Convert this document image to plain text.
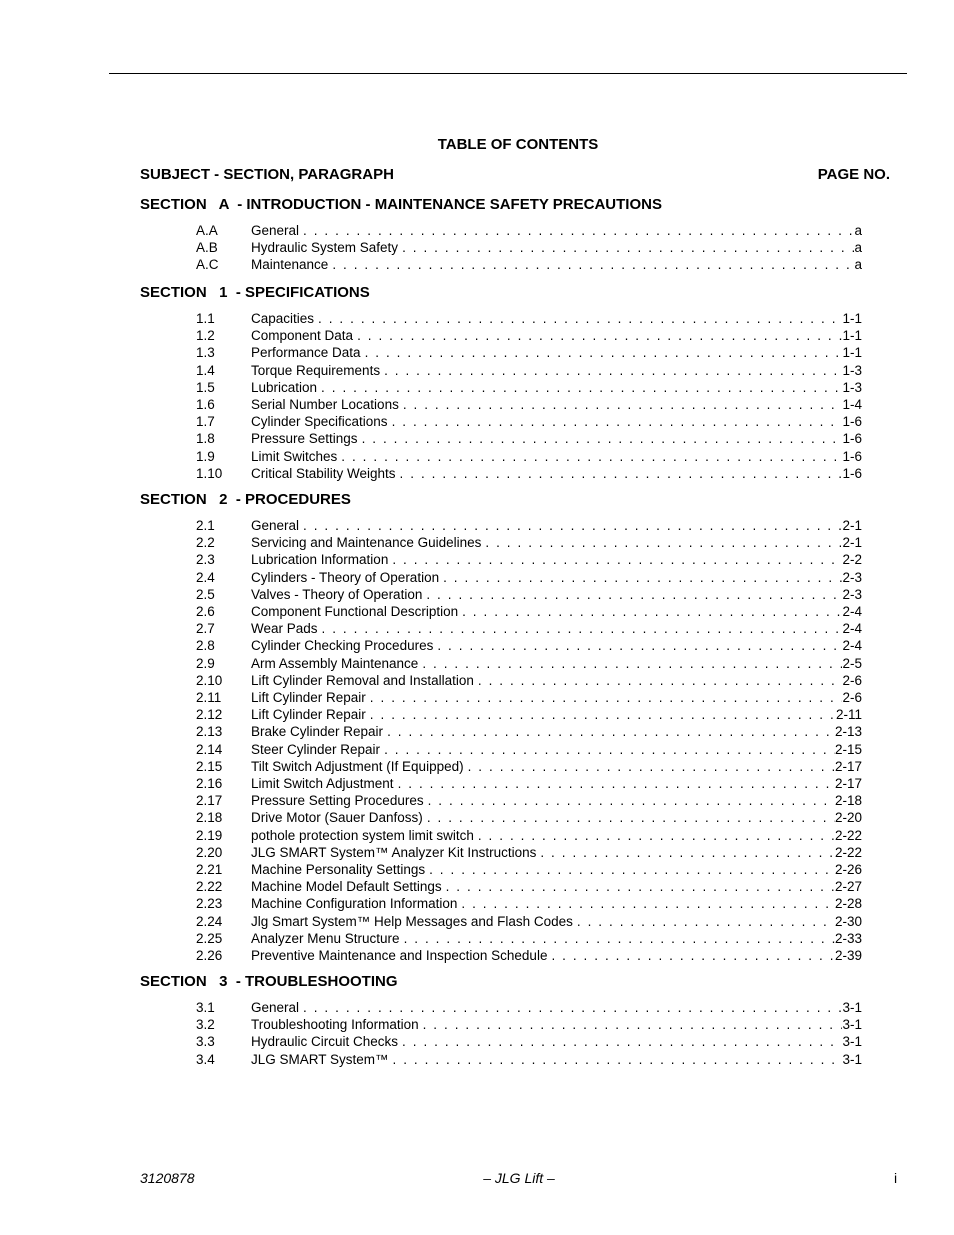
TABLE OF CONTENTS
SUBJECT - SECTION, PARAGRAPH	PAGE NO.
SECTION   A  - INTRODUCTION - MAINTENANCE SAFETY PRECAUTIONS
A.A General . . .	a
A.B Hydraulic System Safety . . .	a
A.C Maintenance . . .	a
SECTION   1  - SPECIFICATIONS
1.1	Capacities . . .	1-1
1.2	Component Data . . .	1-1
1.3	Performance Data . . .	1-1
1.4	Torque Requirements . . .	1-3
1.5	Lubrication . . .	1-3
1.6	Serial Number Locations . . .	1-4
1.7	Cylinder Specifications . . .	1-6
1.8	Pressure Settings . . .	1-6
1.9	Limit Switches . . .	1-6
1.10 Critical Stability Weights . . .	1-6
SECTION   2  - PROCEDURES
2.1	General . . .	2-1
2.2	Servicing and Maintenance Guidelines . . .	2-1
2.3	Lubrication Information . . .	2-2
2.4	Cylinders - Theory of Operation . . .	2-3
2.5	Valves - Theory of Operation . . .	2-3
2.6	Component Functional Description . . .	2-4
2.7	Wear Pads . . .	2-4
2.8	Cylinder Checking Procedures . . .	2-4
2.9	Arm Assembly Maintenance . . .	2-5
2.10 Lift Cylinder Removal and Installation . . .	2-6
2.11 Lift Cylinder Repair . . .	2-6
2.12 Lift Cylinder Repair . . .	2-11
2.13 Brake Cylinder Repair . . .	2-13
2.14 Steer Cylinder Repair . . .	2-15
2.15 Tilt Switch Adjustment (If Equipped) . . .	2-17
2.16 Limit Switch Adjustment . . .	2-17
2.17 Pressure Setting Procedures . . .	2-18
2.18 Drive Motor (Sauer Danfoss) . . .	2-20
2.19 pothole protection system limit switch . . .	2-22
2.20 JLG SMART System™ Analyzer Kit Instructions . . .	2-22
2.21 Machine Personality Settings . . .	2-26
2.22 Machine Model Default Settings . . .	2-27
2.23 Machine Configuration Information . . .	2-28
2.24 Jlg Smart System™ Help Messages and Flash Codes . . .	2-30
2.25 Analyzer Menu Structure . . .	2-33
2.26 Preventive Maintenance and Inspection Schedule . . .	2-39
SECTION   3  - TROUBLESHOOTING
3.1	General . . .	3-1
3.2	Troubleshooting Information . . .	3-1
3.3	Hydraulic Circuit Checks . . .	3-1
3.4	JLG SMART System™ . . .	3-1
3120878	– JLG Lift –	i
